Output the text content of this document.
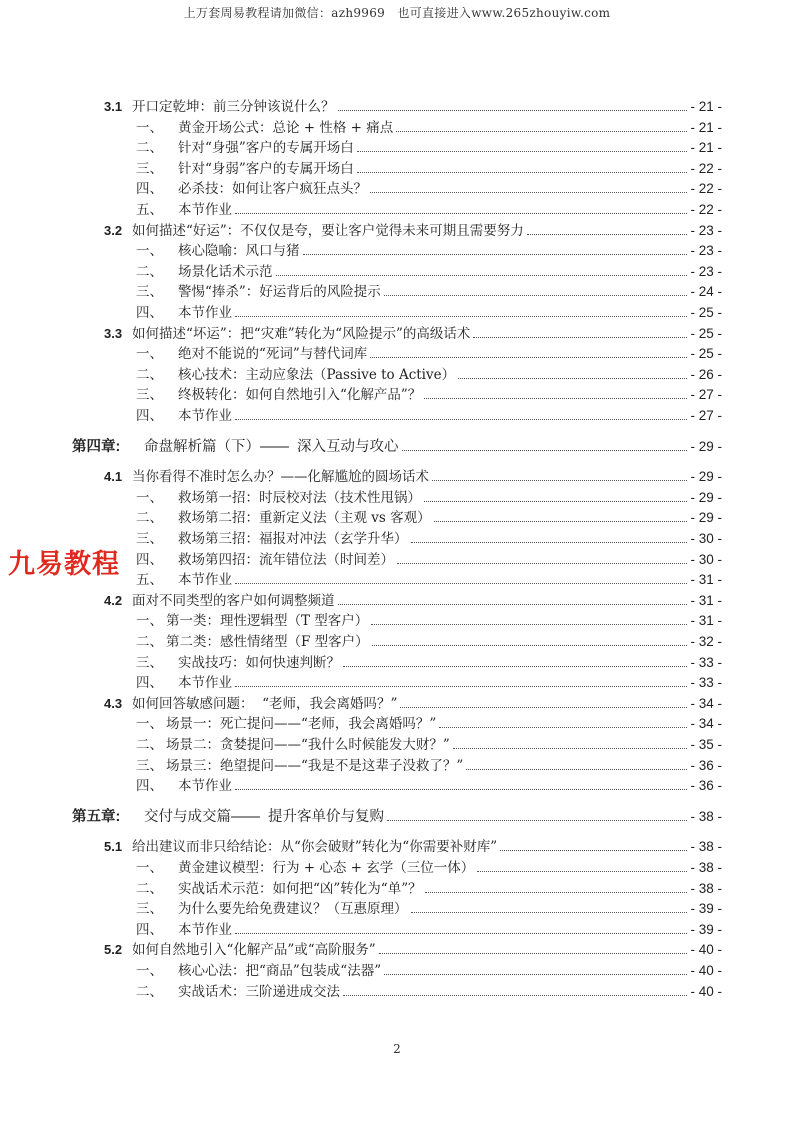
上万套周易教程请加微信：azh9969　也可直接进入www.265zhouyiw.com
3.1 开口定乾坤：前三分钟该说什么？	- 21 -
一、 黄金开场公式：总论 + 性格 + 痛点	- 21 -
二、 针对“身强”客户的专属开场白	- 21 -
三、 针对“身弱”客户的专属开场白	- 22 -
四、 必杀技：如何让客户疯狂点头？	- 22 -
五、 本节作业	- 22 -
3.2 如何描述“好运”：不仅仅是夸，要让客户觉得未来可期且需要努力	- 23 -
一、 核心隐喻：风口与猪	- 23 -
二、 场景化话术示范	- 23 -
三、 警惕“捧杀”：好运背后的风险提示	- 24 -
四、 本节作业	- 25 -
3.3 如何描述“坏运”：把“灾难”转化为“风险提示”的高级话术	- 25 -
一、 绝对不能说的“死词”与替代词库	- 25 -
二、 核心技术：主动应象法（Passive to Active）	- 26 -
三、 终极转化：如何自然地引入“化解产品”？	- 27 -
四、 本节作业	- 27 -
第四章:	命盘解析篇（下）——  深入互动与攻心	- 29 -
4.1 当你看得不准时怎么办？——化解尴尬的圆场话术	- 29 -
一、 救场第一招：时辰校对法（技术性甩锅）	- 29 -
二、 救场第二招：重新定义法（主观 vs 客观）	- 29 -
三、 救场第三招：福报对冲法（玄学升华）	- 30 -
四、 救场第四招：流年错位法（时间差）	- 30 -
五、 本节作业	- 31 -
4.2 面对不同类型的客户如何调整频道	- 31 -
一、 第一类：理性逻辑型（T 型客户）	- 31 -
二、 第二类：感性情绪型（F 型客户）	- 32 -
三、 实战技巧：如何快速判断？	- 33 -
四、 本节作业	- 33 -
4.3 如何回答敏感问题：  “老师，我会离婚吗？”	- 34 -
一、 场景一：死亡提问——“老师，我会离婚吗？”	- 34 -
二、 场景二：贪婪提问——“我什么时候能发大财？”	- 35 -
三、 场景三：绝望提问——“我是不是这辈子没救了？”	- 36 -
四、 本节作业	- 36 -
第五章:	交付与成交篇——  提升客单价与复购	- 38 -
5.1 给出建议而非只给结论：从“你会破财”转化为“你需要补财库”	- 38 -
一、 黄金建议模型：行为 + 心态 + 玄学（三位一体）	- 38 -
二、 实战话术示范：如何把“凶”转化为“单”？	- 38 -
三、 为什么要先给免费建议？（互惠原理）	- 39 -
四、 本节作业	- 39 -
5.2 如何自然地引入“化解产品”或“高阶服务”	- 40 -
一、 核心心法：把“商品”包装成“法器”	- 40 -
二、 实战话术：三阶递进成交法	- 40 -
九易教程
2
